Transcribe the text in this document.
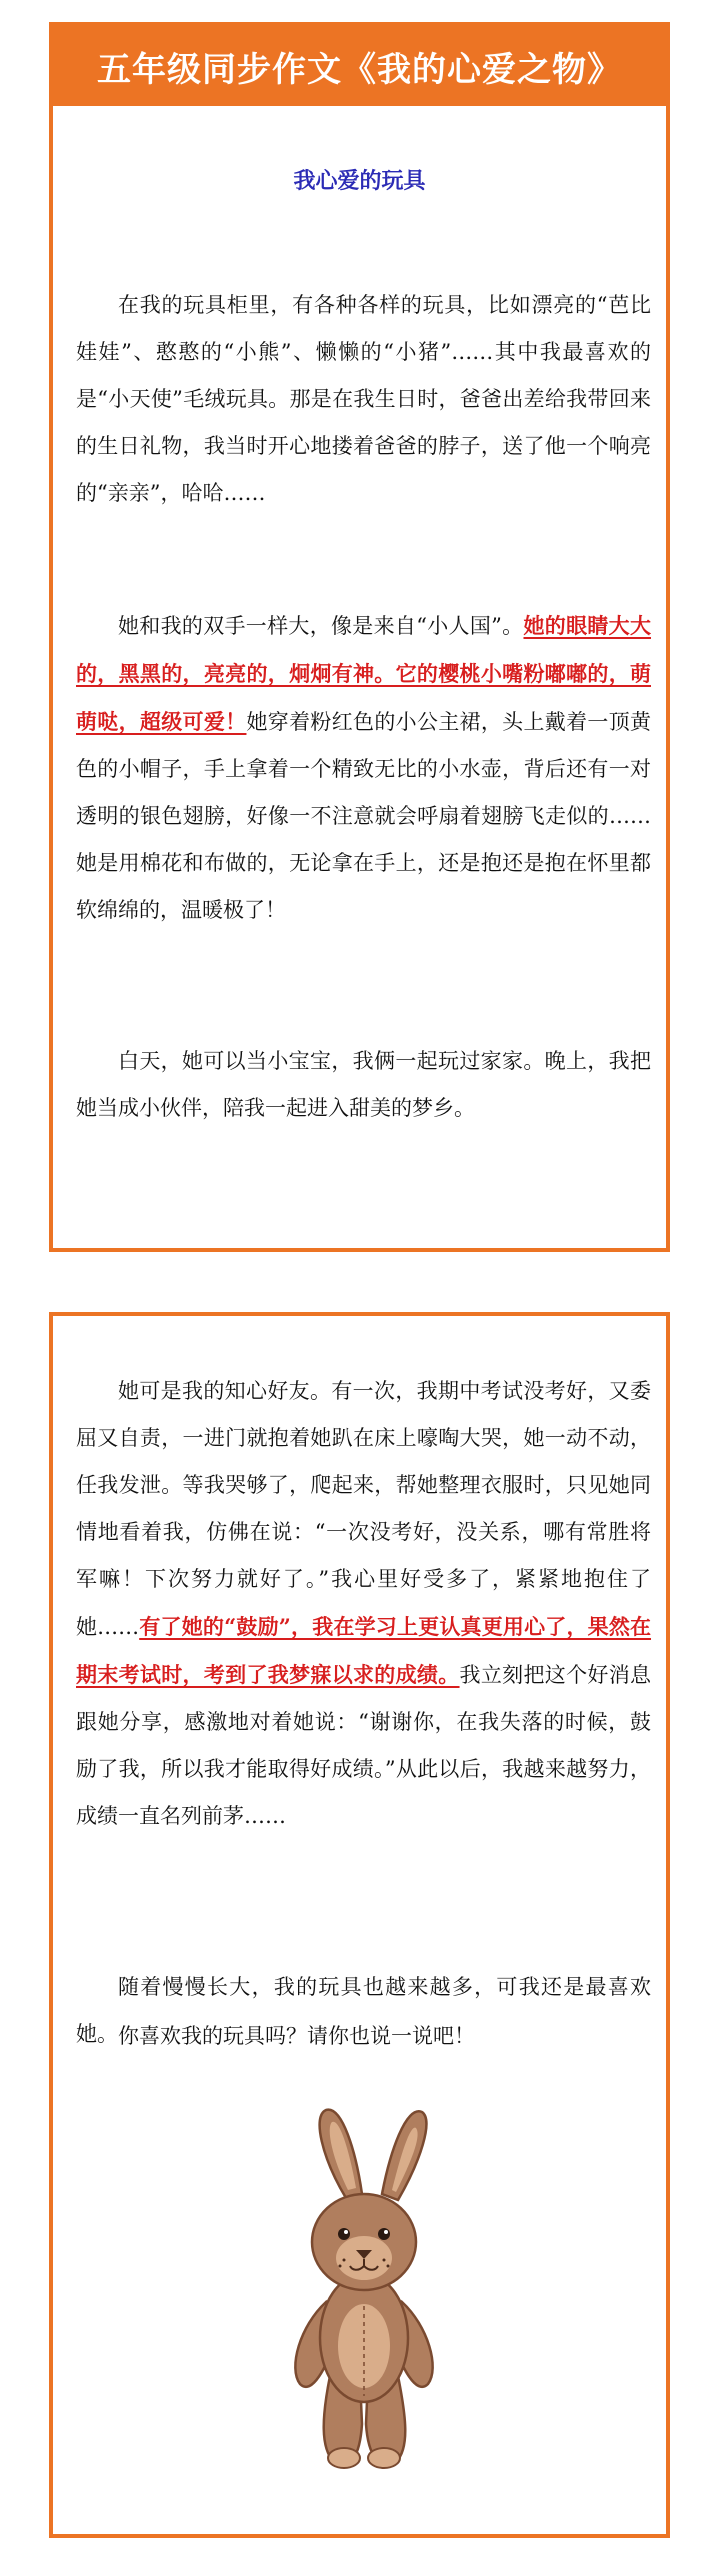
五年级同步作文《我的心爱之物》
我心爱的玩具

在我的玩具柜里，有各种各样的玩具，比如漂亮的“芭比娃娃”、憨憨的“小熊”、懒懒的“小猪”……其中我最喜欢的是“小天使”毛绒玩具。那是在我生日时，爸爸出差给我带回来的生日礼物，我当时开心地搂着爸爸的脖子，送了他一个响亮的“亲亲”，哈哈……

她和我的双手一样大，像是来自“小人国”。她的眼睛大大的，黑黑的，亮亮的，炯炯有神。它的樱桃小嘴粉嘟嘟的，萌萌哒，超级可爱！她穿着粉红色的小公主裙，头上戴着一顶黄色的小帽子，手上拿着一个精致无比的小水壶，背后还有一对透明的银色翅膀，好像一不注意就会呼扇着翅膀飞走似的……她是用棉花和布做的，无论拿在手上，还是抱还是抱在怀里都软绵绵的，温暖极了！

白天，她可以当小宝宝，我俩一起玩过家家。晚上，我把她当成小伙伴，陪我一起进入甜美的梦乡。

她可是我的知心好友。有一次，我期中考试没考好，又委屈又自责，一进门就抱着她趴在床上嚎啕大哭，她一动不动，任我发泄。等我哭够了，爬起来，帮她整理衣服时，只见她同情地看着我，仿佛在说：“一次没考好，没关系，哪有常胜将军嘛！下次努力就好了。”我心里好受多了，紧紧地抱住了她……有了她的“鼓励”，我在学习上更认真更用心了，果然在期末考试时，考到了我梦寐以求的成绩。我立刻把这个好消息跟她分享，感激地对着她说：“谢谢你，在我失落的时候，鼓励了我，所以我才能取得好成绩。”从此以后，我越来越努力，成绩一直名列前茅……

随着慢慢长大，我的玩具也越来越多，可我还是最喜欢她。 你喜欢我的玩具吗？请你也说一说吧！
